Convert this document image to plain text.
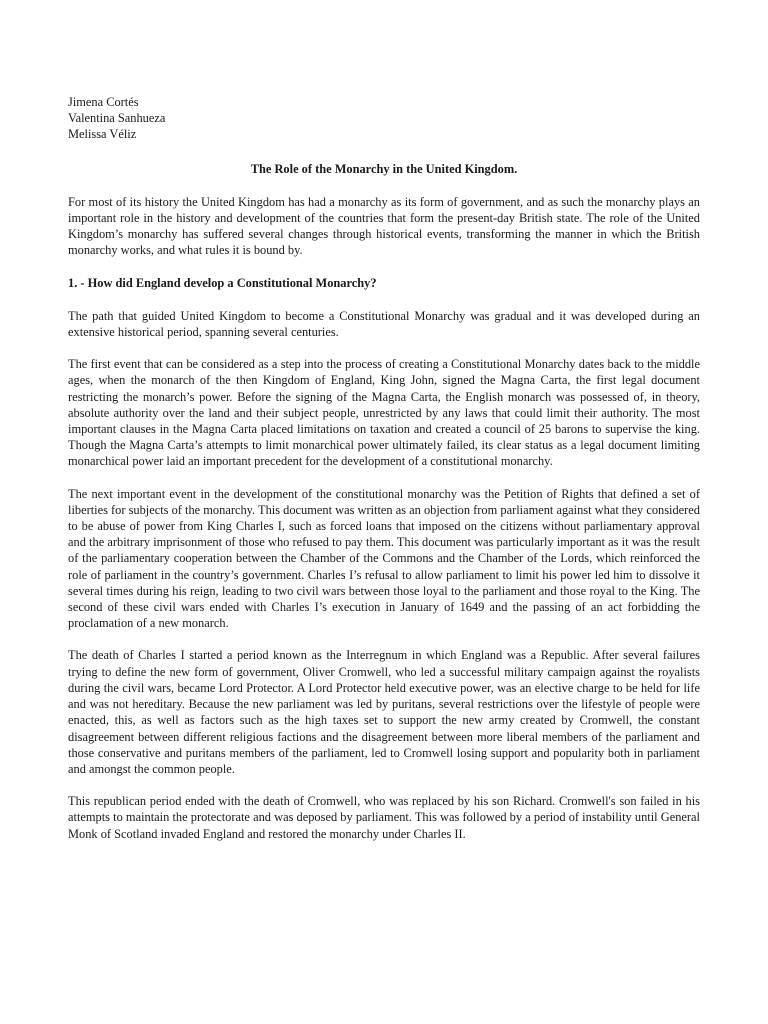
Jimena Cortés
Valentina Sanhueza
Melissa Véliz
The Role of the Monarchy in the United Kingdom.

For most of its history the United Kingdom has had a monarchy as its form of government, and as such the monarchy plays an important role in the history and development of the countries that form the present-day British state. The role of the United Kingdom’s monarchy has suffered several changes through historical events, transforming the manner in which the British monarchy works, and what rules it is bound by.

1. - How did England develop a Constitutional Monarchy?

The path that guided United Kingdom to become a Constitutional Monarchy was gradual and it was developed during an extensive historical period, spanning several centuries.

The first event that can be considered as a step into the process of creating a Constitutional Monarchy dates back to the middle ages, when the monarch of the then Kingdom of England, King John, signed the Magna Carta, the first legal document restricting the monarch’s power. Before the signing of the Magna Carta, the English monarch was possessed of, in theory, absolute authority over the land and their subject people, unrestricted by any laws that could limit their authority. The most important clauses in the Magna Carta placed limitations on taxation and created a council of 25 barons to supervise the king. Though the Magna Carta’s attempts to limit monarchical power ultimately failed, its clear status as a legal document limiting monarchical power laid an important precedent for the development of a constitutional monarchy.

The next important event in the development of the constitutional monarchy was the Petition of Rights that defined a set of liberties for subjects of the monarchy. This document was written as an objection from parliament against what they considered to be abuse of power from King Charles I, such as forced loans that imposed on the citizens without parliamentary approval and the arbitrary imprisonment of those who refused to pay them. This document was particularly important as it was the result of the parliamentary cooperation between the Chamber of the Commons and the Chamber of the Lords, which reinforced the role of parliament in the country’s government. Charles I’s refusal to allow parliament to limit his power led him to dissolve it several times during his reign, leading to two civil wars between those loyal to the parliament and those royal to the King. The second of these civil wars ended with Charles I’s execution in January of 1649 and the passing of an act forbidding the proclamation of a new monarch.

The death of Charles I started a period known as the Interregnum in which England was a Republic. After several failures trying to define the new form of government, Oliver Cromwell, who led a successful military campaign against the royalists during the civil wars, became Lord Protector. A Lord Protector held executive power, was an elective charge to be held for life and was not hereditary. Because the new parliament was led by puritans, several restrictions over the lifestyle of people were enacted, this, as well as factors such as the high taxes set to support the new army created by Cromwell, the constant disagreement between different religious factions and the disagreement between more liberal members of the parliament and those conservative and puritans members of the parliament, led to Cromwell losing support and popularity both in parliament and amongst the common people.

This republican period ended with the death of Cromwell, who was replaced by his son Richard. Cromwell's son failed in his attempts to maintain the protectorate and was deposed by parliament. This was followed by a period of instability until General Monk of Scotland invaded England and restored the monarchy under Charles II.
